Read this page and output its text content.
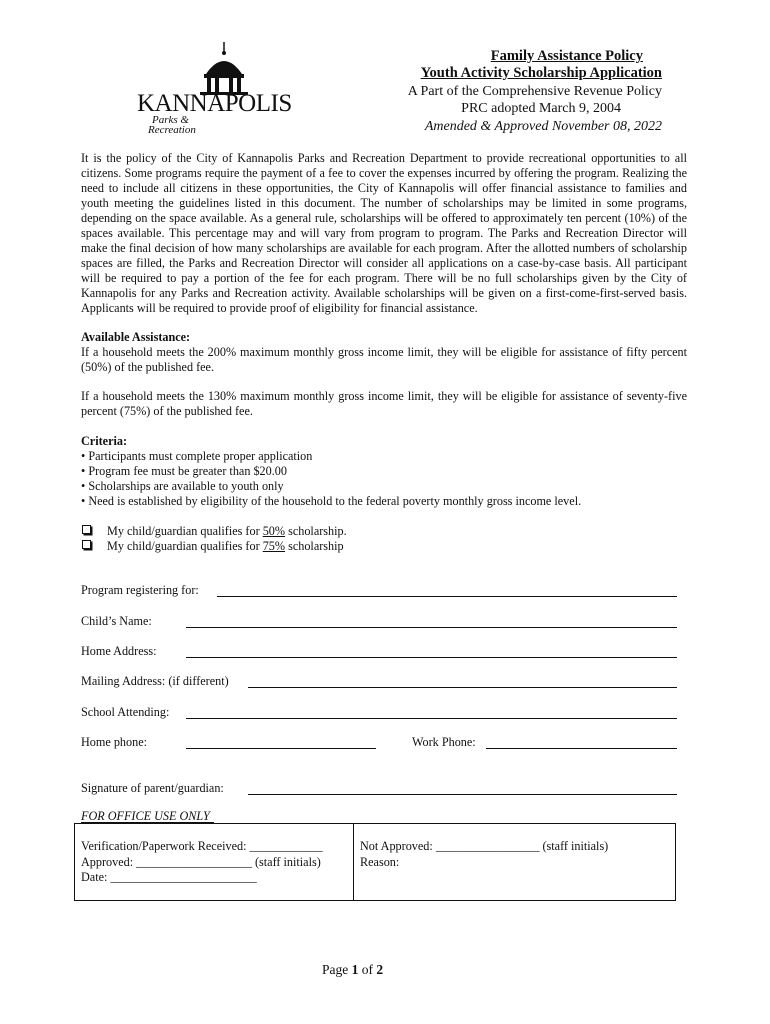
KANNAPOLIS
Parks &
Recreation
Family Assistance Policy
Youth Activity Scholarship Application
A Part of the Comprehensive Revenue Policy
PRC adopted March 9, 2004
Amended & Approved November 08, 2022

It is the policy of the City of Kannapolis Parks and Recreation Department to provide recreational opportunities to all citizens. Some programs require the payment of a fee to cover the expenses incurred by offering the program. Realizing the need to include all citizens in these opportunities, the City of Kannapolis will offer financial assistance to families and youth meeting the guidelines listed in this document. The number of scholarships may be limited in some programs, depending on the space available. As a general rule, scholarships will be offered to approximately ten percent (10%) of the spaces available. This percentage may and will vary from program to program. The Parks and Recreation Director will make the final decision of how many scholarships are available for each program. After the allotted numbers of scholarship spaces are filled, the Parks and Recreation Director will consider all applications on a case-by-case basis. All participant will be required to pay a portion of the fee for each program. There will be no full scholarships given by the City of Kannapolis for any Parks and Recreation activity. Available scholarships will be given on a first-come-first-served basis. Applicants will be required to provide proof of eligibility for financial assistance.

Available Assistance:

If a household meets the 200% maximum monthly gross income limit, they will be eligible for assistance of fifty percent (50%) of the published fee.

If a household meets the 130% maximum monthly gross income limit, they will be eligible for assistance of seventy-five percent (75%) of the published fee.

Criteria:
• Participants must complete proper application
• Program fee must be greater than $20.00
• Scholarships are available to youth only
• Need is established by eligibility of the household to the federal poverty monthly gross income level.
My child/guardian qualifies for 50% scholarship.
My child/guardian qualifies for 75% scholarship
Program registering for:
Child’s Name:
Home Address:
Mailing Address: (if different)
School Attending:
Home phone:	Work Phone:
Signature of parent/guardian:
FOR OFFICE USE ONLY
Verification/Paperwork Received: ____________
Approved: ___________________ (staff initials)
Date: ________________________
Not Approved: _________________ (staff initials)
Reason:
Page 1 of 2
